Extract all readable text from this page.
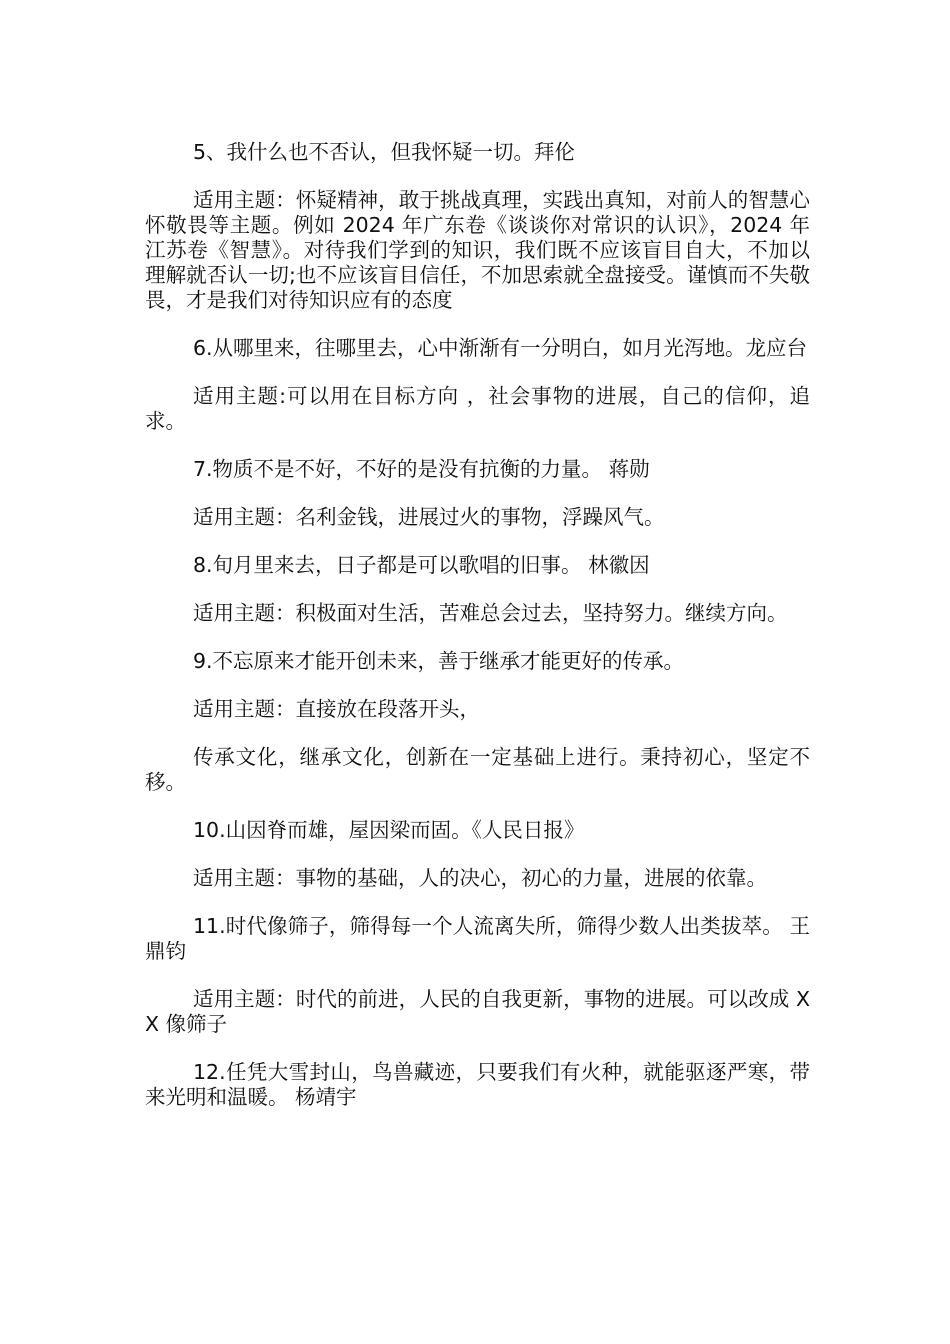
5、我什么也不否认，但我怀疑一切。拜伦

适用主题：怀疑精神，敢于挑战真理，实践出真知，对前人的智慧心怀敬畏等主题。例如 2024 年广东卷《谈谈你对常识的认识》，2024 年江苏卷《智慧》。对待我们学到的知识，我们既不应该盲目自大，不加以理解就否认一切;也不应该盲目信任，不加思索就全盘接受。谨慎而不失敬畏，才是我们对待知识应有的态度

6.从哪里来，往哪里去，心中渐渐有一分明白，如月光泻地。龙应台

适用主题:可以用在目标方向 ，社会事物的进展，自己的信仰，追求。

7.物质不是不好，不好的是没有抗衡的力量。 蒋勋

适用主题：名利金钱，进展过火的事物，浮躁风气。

8.旬月里来去，日子都是可以歌唱的旧事。 林徽因

适用主题：积极面对生活，苦难总会过去，坚持努力。继续方向。

9.不忘原来才能开创未来，善于继承才能更好的传承。

适用主题：直接放在段落开头，

传承文化，继承文化，创新在一定基础上进行。秉持初心，坚定不移。

10.山因脊而雄，屋因梁而固。《人民日报》

适用主题：事物的基础，人的决心，初心的力量，进展的依靠。

11.时代像筛子，筛得每一个人流离失所，筛得少数人出类拔萃。 王鼎钧

适用主题：时代的前进，人民的自我更新，事物的进展。可以改成 XX 像筛子

12.任凭大雪封山，鸟兽藏迹，只要我们有火种，就能驱逐严寒，带来光明和温暖。 杨靖宇
